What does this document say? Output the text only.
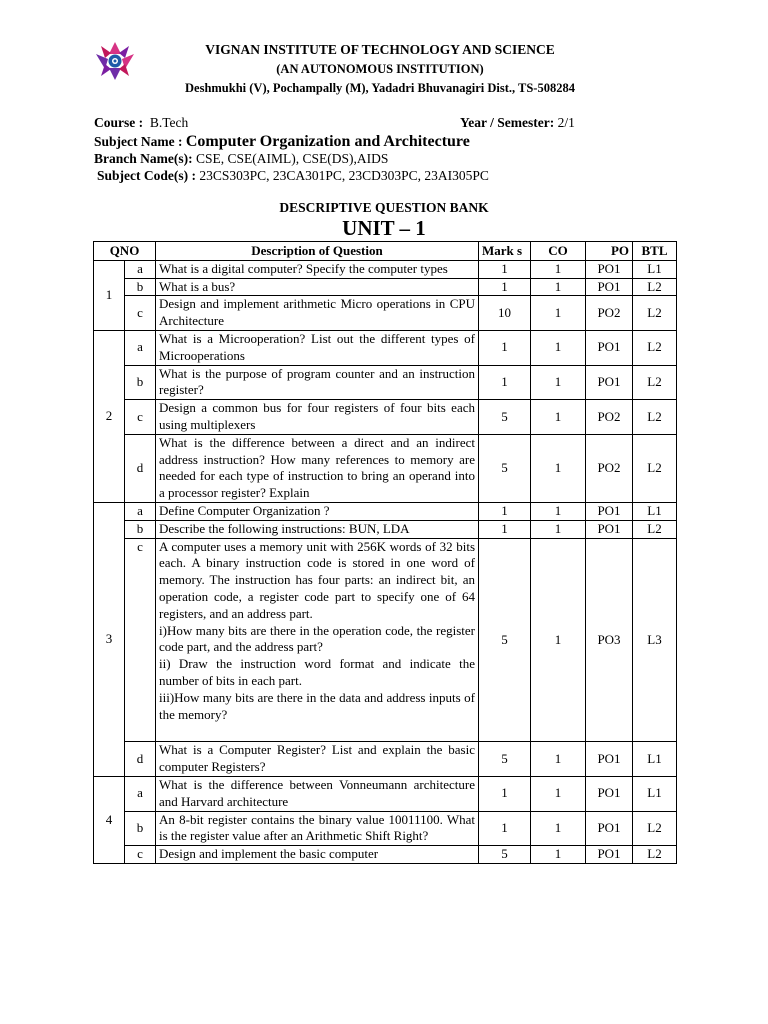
VIGNAN INSTITUTE OF TECHNOLOGY AND SCIENCE
(AN AUTONOMOUS INSTITUTION)
Deshmukhi (V), Pochampally (M), Yadadri Bhuvanagiri Dist., TS-508284
Course : B.Tech	Year / Semester: 2/1
Subject Name : Computer Organization and Architecture
Branch Name(s): CSE, CSE(AIML), CSE(DS),AIDS
Subject Code(s) : 23CS303PC, 23CA301PC, 23CD303PC, 23AI305PC
DESCRIPTIVE QUESTION BANK
UNIT – 1
QNO		Description of Question	Mark s	CO	PO	BTL
1	a	What is a digital computer? Specify the computer types	1	1	PO1	L1
	b	What is a bus?	1	1	PO1	L2
	c	Design and implement arithmetic Micro operations in CPU Architecture	10	1	PO2	L2
2	a	What is a Microoperation? List out the different types of Microoperations	1	1	PO1	L2
	b	What is the purpose of program counter and an instruction register?	1	1	PO1	L2
	c	Design a common bus for four registers of four bits each using multiplexers	5	1	PO2	L2
	d	What is the difference between a direct and an indirect address instruction? How many references to memory are needed for each type of instruction to bring an operand into a processor register? Explain	5	1	PO2	L2
3	a	Define Computer Organization ?	1	1	PO1	L1
	b	Describe the following instructions: BUN, LDA	1	1	PO1	L2
	c	A computer uses a memory unit with 256K words of 32 bits each. A binary instruction code is stored in one word of memory. The instruction has four parts: an indirect bit, an operation code, a register code part to specify one of 64 registers, and an address part.
i)How many bits are there in the operation code, the register code part, and the address part?
ii) Draw the instruction word format and indicate the number of bits in each part.
iii)How many bits are there in the data and address inputs of the memory?	5	1	PO3	L3
	d	What is a Computer Register? List and explain the basic computer Registers?	5	1	PO1	L1
4	a	What is the difference between Vonneumann architecture and Harvard architecture	1	1	PO1	L1
	b	An 8-bit register contains the binary value 10011100. What is the register value after an Arithmetic Shift Right?	1	1	PO1	L2
	c	Design and implement the basic computer	5	1	PO1	L2
